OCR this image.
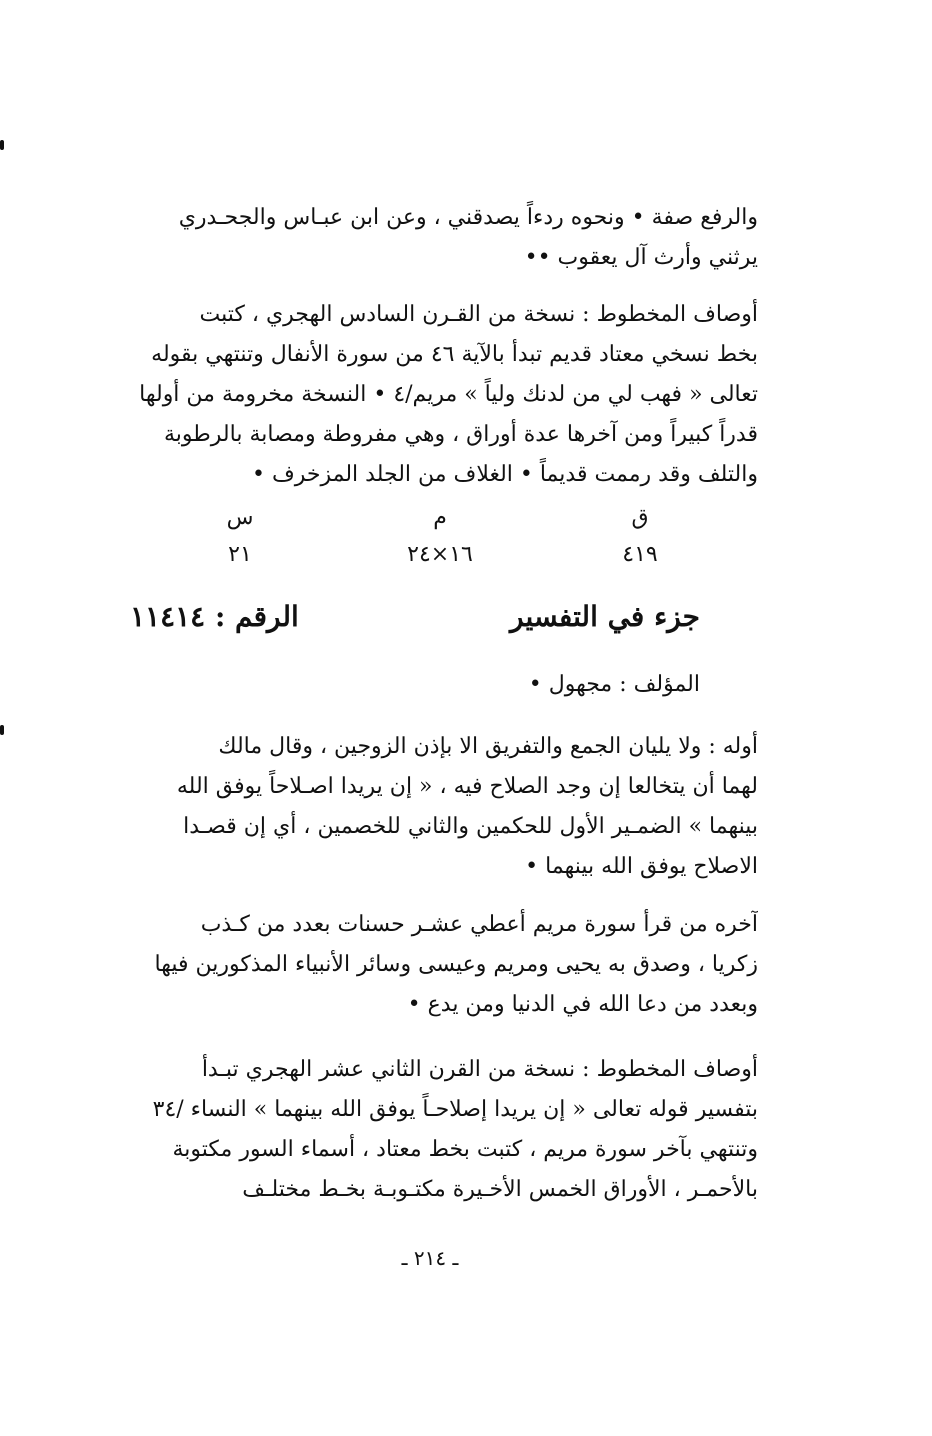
والرفع صفة • ونحوه ردءاً يصدقني ، وعن ابن عبـاس والجحـدري
يرثني وأرث آل يعقوب ••
أوصاف المخطوط : نسخة من القـرن السادس الهجري ، كتبت
بخط نسخي معتاد قديم تبدأ بالآية ٤٦ من سورة الأنفال وتنتهي بقوله
تعالى « فهب لي من لدنك ولياً » مريم/٤ • النسخة مخرومة من أولها
قدراً كبيراً ومن آخرها عدة أوراق ، وهي مفروطة ومصابة بالرطوبة
والتلف وقد رممت قديماً • الغلاف من الجلد المزخرف •
ق
م
س
٤١٩
١٦×٢٤
٢١
جزء في التفسير
الرقم : ١١٤١٤
المؤلف : مجهول •
أوله : ولا يليان الجمع والتفريق الا بإذن الزوجين ، وقال مالك
لهما أن يتخالعا إن وجد الصلاح فيه ، « إن يريدا اصـلاحاً يوفق الله
بينهما » الضمـير الأول للحكمين والثاني للخصمين ، أي إن قصـدا
الاصلاح يوفق الله بينهما •
آخره من قرأ سورة مريم أعطي عشـر حسنات بعدد من كـذب
زكريا ، وصدق به يحيى ومريم وعيسى وسائر الأنبياء المذكورين فيها
وبعدد من دعا الله في الدنيا ومن يدع •
أوصاف المخطوط : نسخة من القرن الثاني عشر الهجري تبـدأ
بتفسير قوله تعالى « إن يريدا إصلاحـاً يوفق الله بينهما » النساء /٣٤
وتنتهي بآخر سورة مريم ، كتبت بخط معتاد ، أسماء السور مكتوبة
بالأحمـر ، الأوراق الخمس الأخـيرة مكتـوبـة بخـط مختلـف
ـ ٢١٤ ـ
